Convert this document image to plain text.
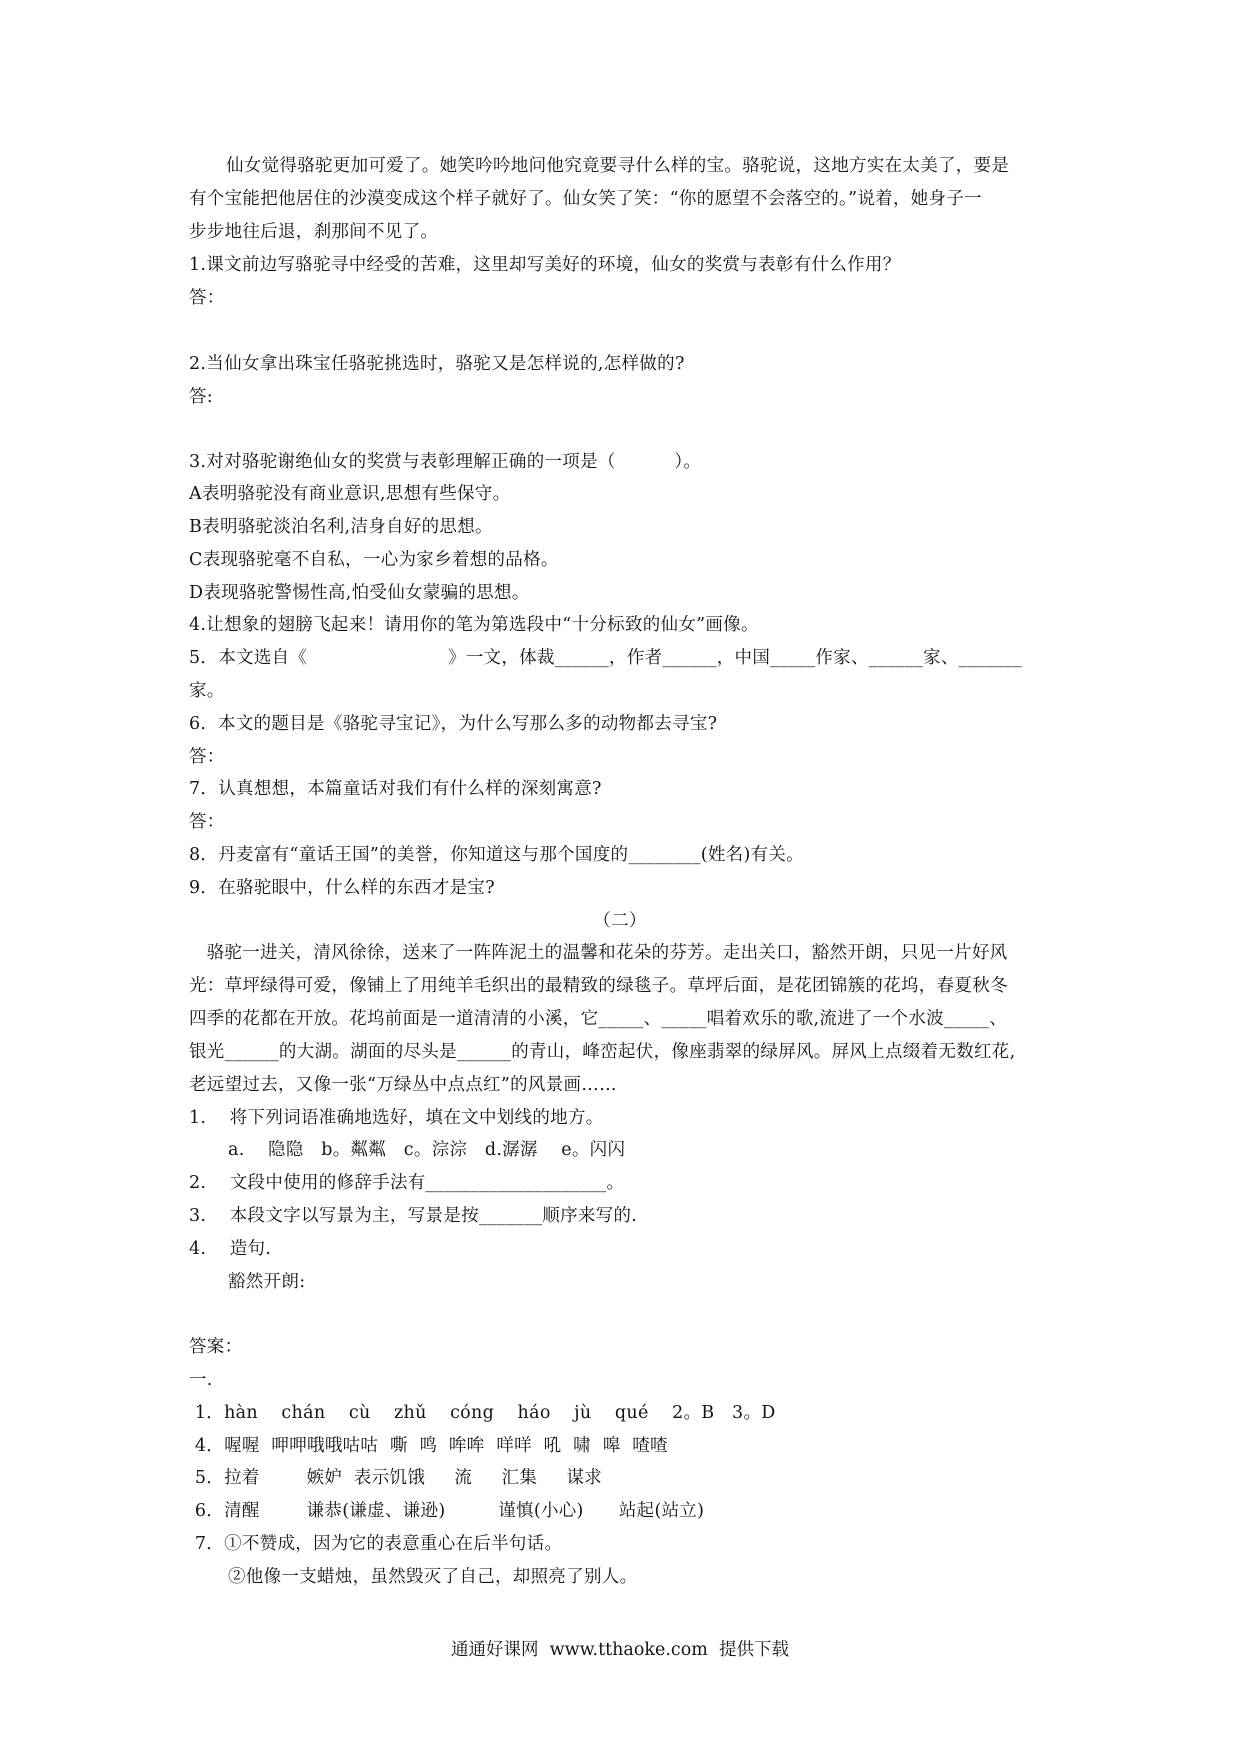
仙女觉得骆驼更加可爱了。她笑吟吟地问他究竟要寻什么样的宝。骆驼说，这地方实在太美了，要是
有个宝能把他居住的沙漠变成这个样子就好了。仙女笑了笑：“你的愿望不会落空的。”说着，她身子一
步步地往后退，刹那间不见了。
1.课文前边写骆驼寻中经受的苦难，这里却写美好的环境，仙女的奖赏与表彰有什么作用？
答：
2.当仙女拿出珠宝任骆驼挑选时，骆驼又是怎样说的,怎样做的?
答:
3.对对骆驼谢绝仙女的奖赏与表彰理解正确的一项是（          ）。
A表明骆驼没有商业意识,思想有些保守。
B表明骆驼淡泊名利,洁身自好的思想。
C表现骆驼毫不自私，一心为家乡着想的品格。
D表现骆驼警惕性高,怕受仙女蒙骗的思想。
4.让想象的翅膀飞起来！请用你的笔为第选段中“十分标致的仙女”画像。
5．本文选自《                        》一文，体裁______，作者______，中国_____作家、______家、_______
家。
6.  本文的题目是《骆驼寻宝记》，为什么写那么多的动物都去寻宝?
答：
7．认真想想，本篇童话对我们有什么样的深刻寓意?
答：
8．丹麦富有“童话王国”的美誉，你知道这与那个国度的________(姓名)有关。
9．在骆驼眼中，什么样的东西才是宝?
（二）
骆驼一进关，清风徐徐，送来了一阵阵泥土的温馨和花朵的芬芳。走出关口，豁然开朗，只见一片好风
光：草坪绿得可爱，像铺上了用纯羊毛织出的最精致的绿毯子。草坪后面，是花团锦簇的花坞，春夏秋冬
四季的花都在开放。花坞前面是一道清清的小溪，它_____、_____唱着欢乐的歌,流进了一个水波_____、
银光______的大湖。湖面的尽头是______的青山，峰峦起伏，像座翡翠的绿屏风。屏风上点缀着无数红花,
老远望过去，又像一张“万绿丛中点点红”的风景画……
1.    将下列词语准确地选好，填在文中划线的地方。
a.    隐隐   b。粼粼   c。淙淙   d.潺潺    e。闪闪
2.    文段中使用的修辞手法有____________________。
3.    本段文字以写景为主，写景是按_______顺序来写的.
4.    造句.
豁然开朗:
答案：
一.
1．hàn    chán    cù    zhǔ    cóng    háo    jù    qué    2。B   3。D
4．喔喔  呷呷哦哦咕咕  嘶  鸣  哞哞  咩咩  吼  啸  嗥  喳喳
5．拉着        嫉妒  表示饥饿     流     汇集     谋求
6．清醒        谦恭(谦虚、谦逊)         谨慎(小心)      站起(站立)
7．①不赞成，因为它的表意重心在后半句话。
②他像一支蜡烛，虽然毁灭了自己，却照亮了别人。
通通好课网  www.tthaoke.com  提供下载
